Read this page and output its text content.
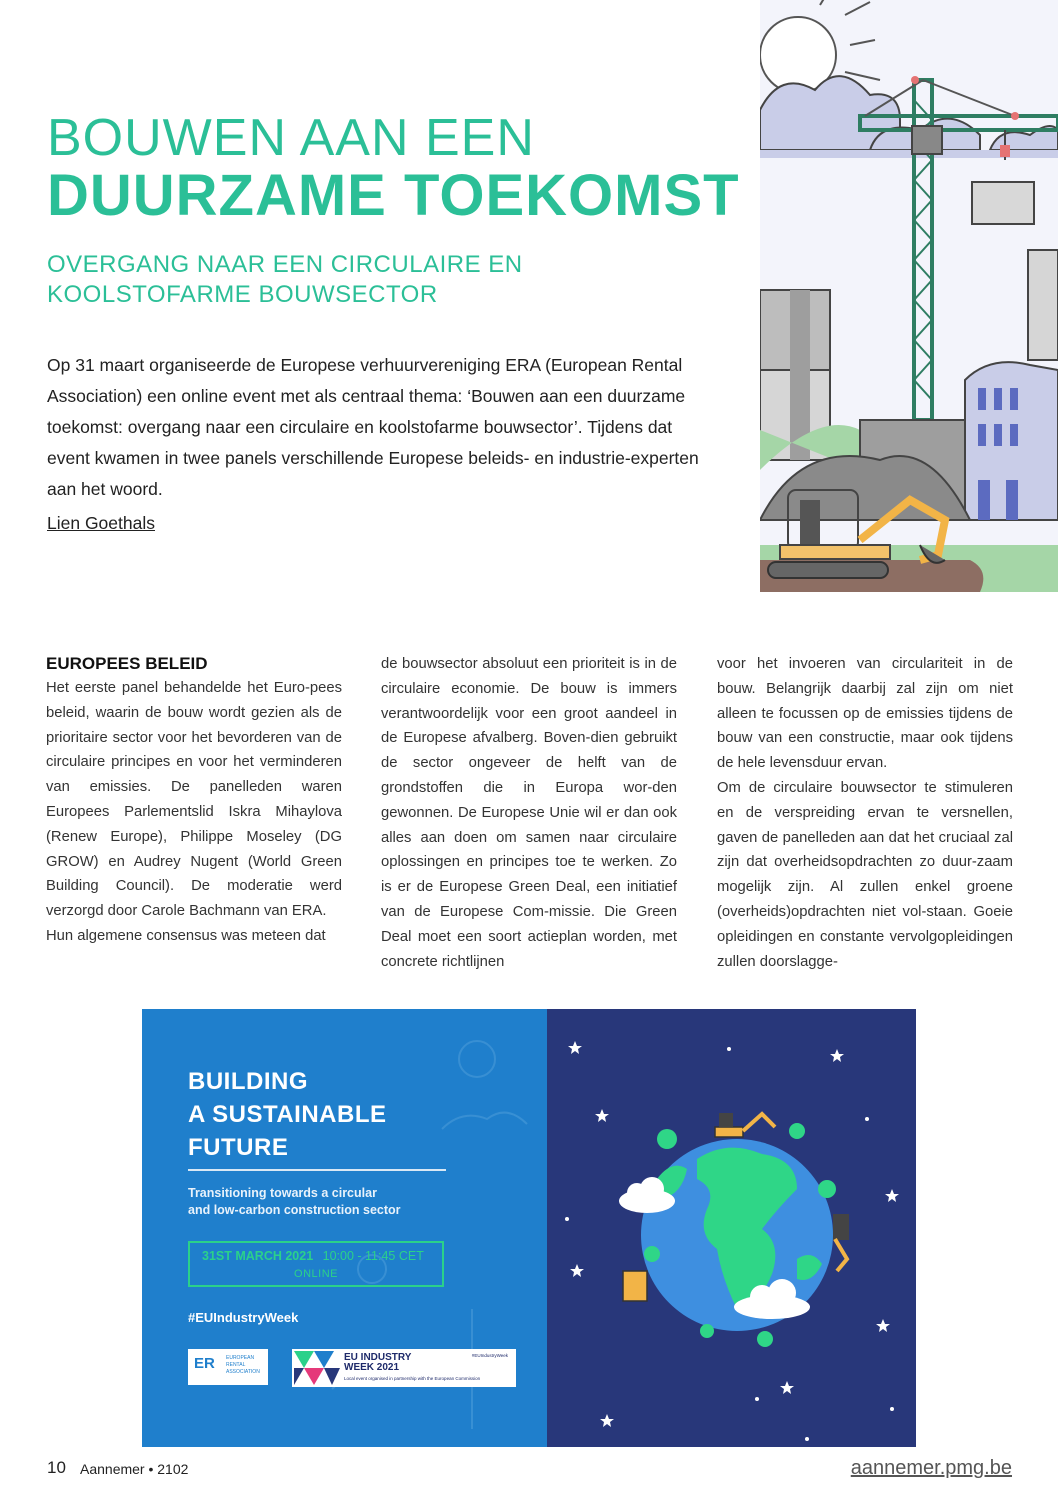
BOUWEN AAN EEN
DUURZAME TOEKOMST
OVERGANG NAAR EEN CIRCULAIRE EN
KOOLSTOFARME BOUWSECTOR
Op 31 maart organiseerde de Europese verhuurvereniging ERA (European Rental Association) een online event met als centraal thema: ‘Bouwen aan een duurzame toekomst: overgang naar een circulaire en koolstofarme bouwsector’. Tijdens dat event kwamen in twee panels verschillende Europese beleids- en industrie-experten aan het woord.
Lien Goethals
EUROPEES BELEID

Het eerste panel behandelde het Euro-pees beleid, waarin de bouw wordt gezien als de prioritaire sector voor het bevorderen van de circulaire principes en voor het verminderen van emissies. De panelleden waren Europees Parlementslid Iskra Mihaylova (Renew Europe), Philippe Moseley (DG GROW) en Audrey Nugent (World Green Building Council). De moderatie werd verzorgd door Carole Bachmann van ERA.

Hun algemene consensus was meteen dat

de bouwsector absoluut een prioriteit is in de circulaire economie. De bouw is immers verantwoordelijk voor een groot aandeel in de Europese afvalberg. Boven-dien gebruikt de sector ongeveer de helft van de grondstoffen die in Europa wor-den gewonnen. De Europese Unie wil er dan ook alles aan doen om samen naar circulaire oplossingen en principes toe te werken. Zo is er de Europese Green Deal, een initiatief van de Europese Com-missie. Die Green Deal moet een soort actieplan worden, met concrete richtlijnen

voor het invoeren van circulariteit in de bouw. Belangrijk daarbij zal zijn om niet alleen te focussen op de emissies tijdens de bouw van een constructie, maar ook tijdens de hele levensduur ervan.

Om de circulaire bouwsector te stimuleren en de verspreiding ervan te versnellen, gaven de panelleden aan dat het cruciaal zal zijn dat overheidsopdrachten zo duur-zaam mogelijk zijn. Al zullen enkel groene (overheids)opdrachten niet vol-staan. Goeie opleidingen en constante vervolgopleidingen zullen doorslagge-

BUILDING
A SUSTAINABLE
FUTURE
Transitioning towards a circular
and low-carbon construction sector
31ST MARCH 2021 10:00 - 11:45 CET
ONLINE
#EUIndustryWeek
ER EUROPEAN
RENTAL
ASSOCIATION
EU INDUSTRY
WEEK 2021
Local event organised in partnership with the European Commission
#EUIndustryWeek
10 Aannemer • 2102	aannemer.pmg.be
